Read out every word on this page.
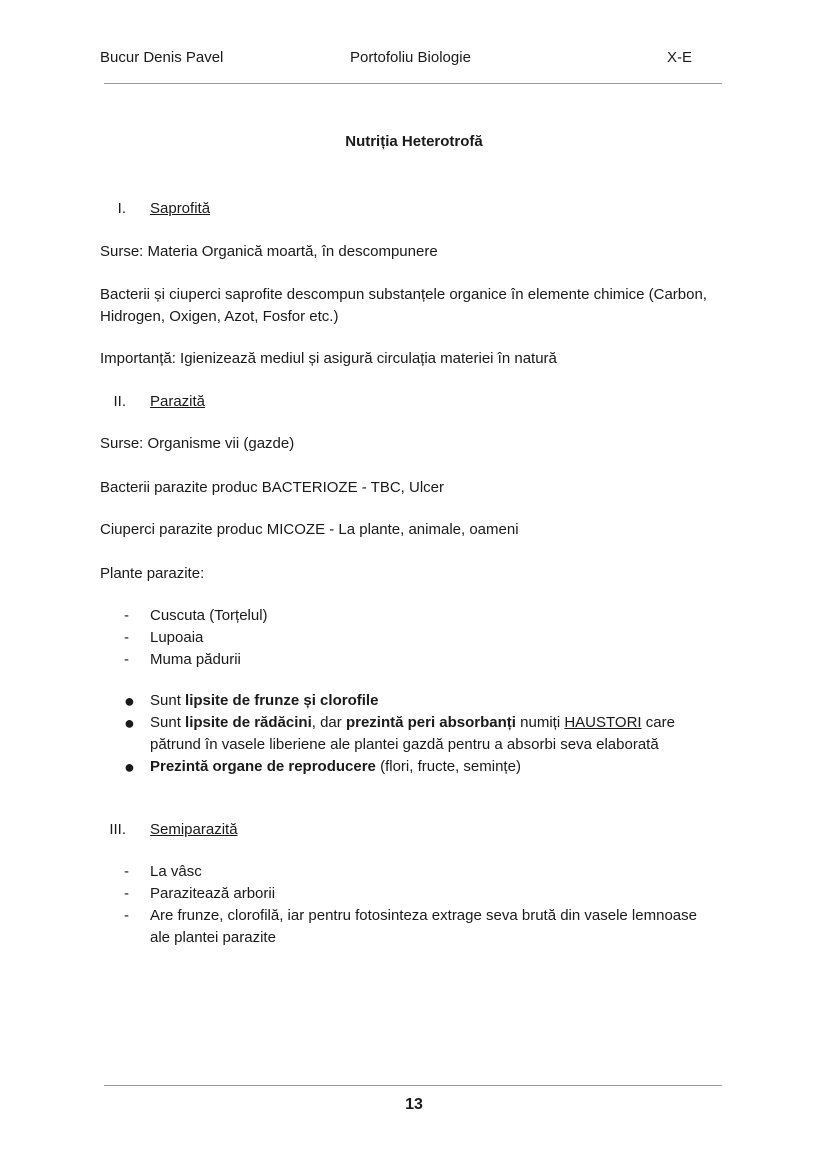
Bucur Denis Pavel	Portofoliu Biologie	X-E
Nutriția Heterotrofă
I. Saprofită

Surse: Materia Organică moartă, în descompunere

Bacterii și ciuperci saprofite descompun substanțele organice în elemente chimice (Carbon, Hidrogen, Oxigen, Azot, Fosfor etc.)

Importanță: Igienizează mediul și asigură circulația materiei în natură

II. Parazită

Surse: Organisme vii (gazde)

Bacterii parazite produc BACTERIOZE - TBC, Ulcer

Ciuperci parazite produc MICOZE - La plante, animale, oameni

Plante parazite:

- Cuscuta (Torțelul)
- Lupoaia
- Muma pădurii
● Sunt lipsite de frunze și clorofile
● Sunt lipsite de rădăcini, dar prezintă peri absorbanți numiți HAUSTORI care pătrund în vasele liberiene ale plantei gazdă pentru a absorbi seva elaborată
● Prezintă organe de reproducere (flori, fructe, semințe)
III. Semiparazită
- La vâsc
- Parazitează arborii
- Are frunze, clorofilă, iar pentru fotosinteza extrage seva brută din vasele lemnoase ale plantei parazite
13
